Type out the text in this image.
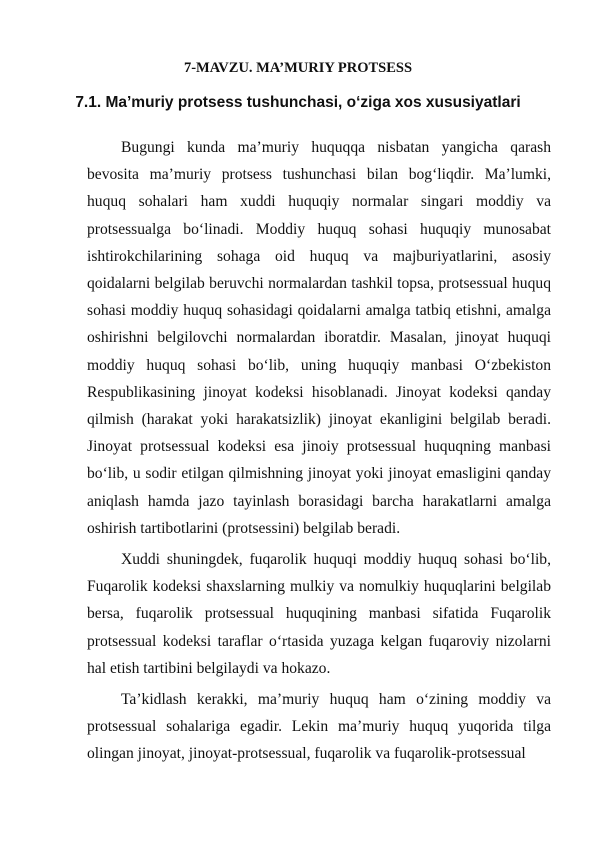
7-MAVZU. MA’MURIY PROTSESS
7.1. Ma’muriy protsess tushunchasi, o‘ziga xos xususiyatlari

Bugungi kunda ma’muriy huquqqa nisbatan yangicha qarash bevosita ma’muriy protsess tushunchasi bilan bog‘liqdir. Ma’lumki, huquq sohalari ham xuddi huquqiy normalar singari moddiy va protsessualga bo‘linadi. Moddiy huquq sohasi huquqiy munosabat ishtirokchilarining sohaga oid huquq va majburiyatlarini, asosiy qoidalarni belgilab beruvchi normalardan tashkil topsa, protsessual huquq sohasi moddiy huquq sohasidagi qoidalarni amalga tatbiq etishni, amalga oshirishni belgilovchi normalardan iboratdir. Masalan, jinoyat huquqi moddiy huquq sohasi bo‘lib, uning huquqiy manbasi O‘zbekiston Respublikasining jinoyat kodeksi hisoblanadi. Jinoyat kodeksi qanday qilmish (harakat yoki harakatsizlik) jinoyat ekanligini belgilab beradi. Jinoyat protsessual kodeksi esa jinoiy protsessual huquqning manbasi bo‘lib, u sodir etilgan qilmishning jinoyat yoki jinoyat emasligini qanday aniqlash hamda jazo tayinlash borasidagi barcha harakatlarni amalga oshirish tartibotlarini (protsessini) belgilab beradi.

Xuddi shuningdek, fuqarolik huquqi moddiy huquq sohasi bo‘lib, Fuqarolik kodeksi shaxslarning mulkiy va nomulkiy huquqlarini belgilab bersa, fuqarolik protsessual huquqining manbasi sifatida Fuqarolik protsessual kodeksi taraflar o‘rtasida yuzaga kelgan fuqaroviy nizolarni hal etish tartibini belgilaydi va hokazo.

Ta’kidlash kerakki, ma’muriy huquq ham o‘zining moddiy va protsessual sohalariga egadir. Lekin ma’muriy huquq yuqorida tilga olingan jinoyat, jinoyat-protsessual, fuqarolik va fuqarolik-protsessual
